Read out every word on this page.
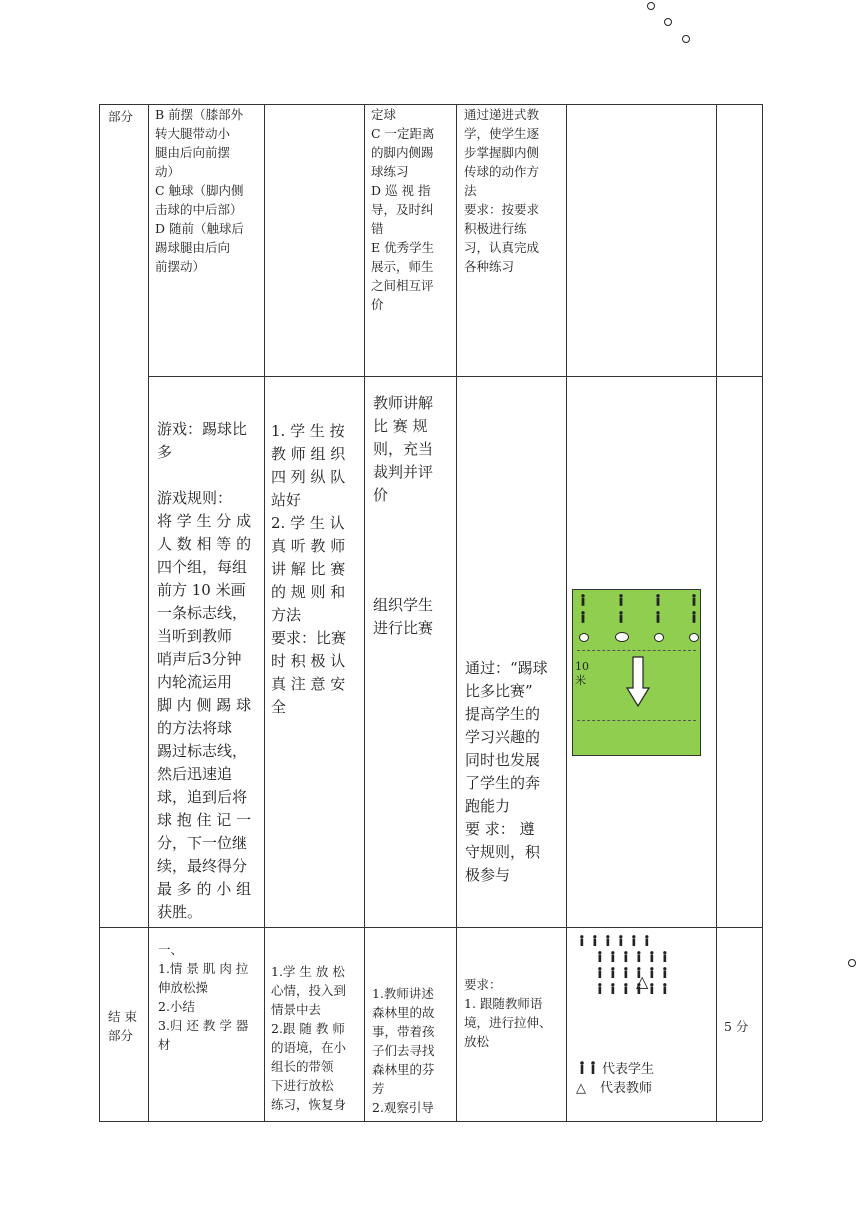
部分 B 前摆（膝部外
转大腿带动小
腿由后向前摆
动）
C 触球（脚内侧
击球的中后部）
D 随前（触球后
踢球腿由后向
前摆动）
定球
C 一定距离
的脚内侧踢
球练习
D 巡 视 指
导，及时纠
错
E 优秀学生
展示，师生
之间相互评
价
通过递进式教
学，使学生逐
步掌握脚内侧
传球的动作方
法
要求：按要求
积极进行练
习，认真完成
各种练习
游戏：踢球比
多

游戏规则：
将 学 生 分 成
人 数 相 等 的
四个组，每组
前方 10 米画
一条标志线，
当听到教师
哨声后3分钟
内轮流运用
脚 内 侧 踢 球
的方法将球
踢过标志线，
然后迅速追
球，追到后将
球 抱 住 记 一
分，下一位继
续，最终得分
最 多 的 小 组
获胜。
1. 学 生 按
教 师 组 织
四 列 纵 队
站好
2. 学 生 认
真 听 教 师
讲 解 比 赛
的 规 则 和
方法
要求：比赛
时 积 极 认
真 注 意 安
全
教师讲解
比 赛 规
则，充当
裁判并评
价
组织学生
进行比赛
通过：“踢球
比多比赛”
提高学生的
学习兴趣的
同时也发展
了学生的奔
跑能力
要 求： 遵
守规则，积
极参与
10
米
结 束
部分
一、
1.情 景 肌 肉 拉
伸放松操
2.小结
3.归 还 教 学 器
材
1.学 生 放 松
心情，投入到
情景中去
2.跟 随 教 师
的语境，在小
组长的带领
下进行放松
练习，恢复身
1.教师讲述
森林里的故
事，带着孩
子们去寻找
森林里的芬
芳
2.观察引导
要求：
1. 跟随教师语
境，进行拉伸、
放松
△
代表学生
△ 代表教师
5 分
